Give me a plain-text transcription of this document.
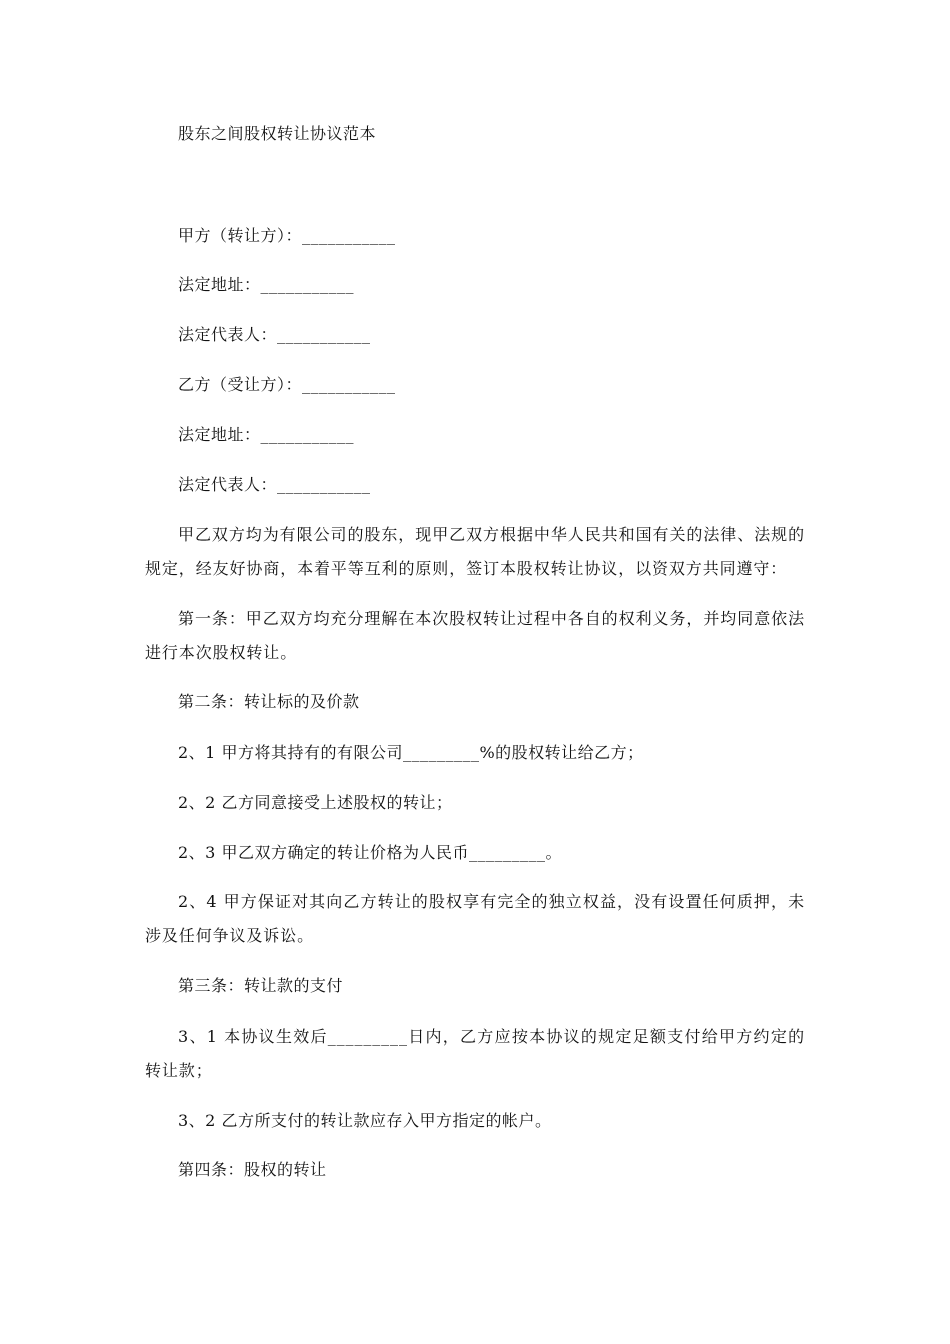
股东之间股权转让协议范本
甲方（转让方）：___________
法定地址：___________
法定代表人：___________
乙方（受让方）：___________
法定地址：___________
法定代表人：___________
甲乙双方均为有限公司的股东，现甲乙双方根据中华人民共和国有关的法律、法规的规定，经友好协商，本着平等互利的原则，签订本股权转让协议，以资双方共同遵守：
第一条：甲乙双方均充分理解在本次股权转让过程中各自的权利义务，并均同意依法进行本次股权转让。
第二条：转让标的及价款
2、1 甲方将其持有的有限公司_________%的股权转让给乙方；
2、2 乙方同意接受上述股权的转让；
2、3 甲乙双方确定的转让价格为人民币_________。
2、4 甲方保证对其向乙方转让的股权享有完全的独立权益，没有设置任何质押，未涉及任何争议及诉讼。
第三条：转让款的支付
3、1 本协议生效后_________日内，乙方应按本协议的规定足额支付给甲方约定的转让款；
3、2 乙方所支付的转让款应存入甲方指定的帐户。
第四条：股权的转让
